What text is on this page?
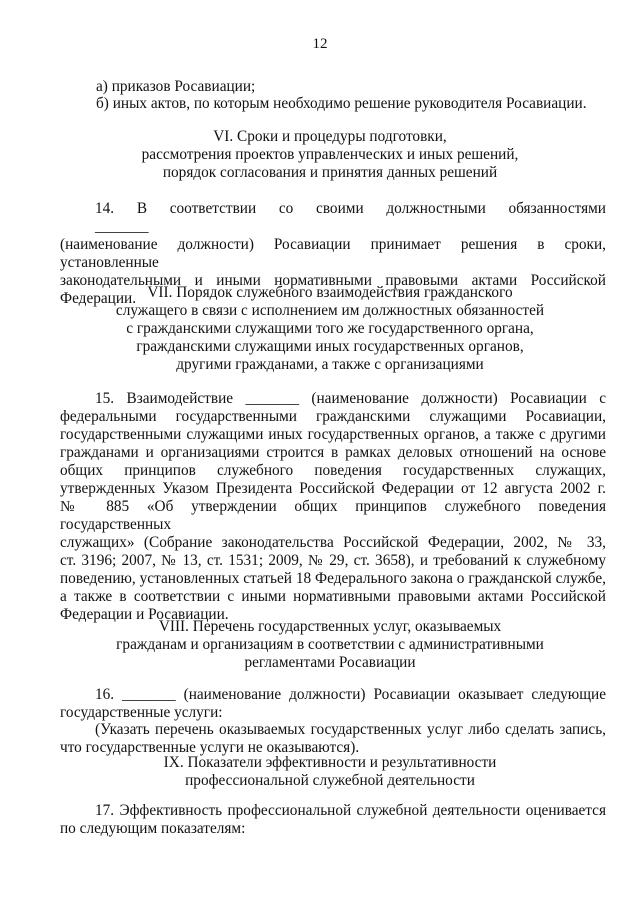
12
а) приказов Росавиации;
б) иных актов, по которым необходимо решение руководителя Росавиации.
VI. Сроки и процедуры подготовки,
рассмотрения проектов управленческих и иных решений,
порядок согласования и принятия данных решений
14. В соответствии со своими должностными обязанностями _______
(наименование должности) Росавиации принимает решения в сроки, установленные
законодательными и иными нормативными правовыми актами Российской
Федерации. VII. Порядок служебного взаимодействия гражданского
служащего в связи с исполнением им должностных обязанностей
с гражданскими служащими того же государственного органа,
гражданскими служащими иных государственных органов,
другими гражданами, а также с организациями
15. Взаимодействие _______ (наименование должности) Росавиации с
федеральными государственными гражданскими служащими Росавиации,
государственными служащими иных государственных органов, а также с другими
гражданами и организациями строится в рамках деловых отношений на основе
общих принципов служебного поведения государственных служащих,
утвержденных Указом Президента Российской Федерации от 12 августа 2002 г.
№ 885 «Об утверждении общих принципов служебного поведения государственных
служащих» (Собрание законодательства Российской Федерации, 2002, № 33,
ст. 3196; 2007, № 13, ст. 1531; 2009, № 29, ст. 3658), и требований к служебному
поведению, установленных статьей 18 Федерального закона о гражданской службе,
а также в соответствии с иными нормативными правовыми актами Российской
Федерации и Росавиации.
VIII. Перечень государственных услуг, оказываемых
гражданам и организациям в соответствии с административными
регламентами Росавиации
16. _______ (наименование должности) Росавиации оказывает следующие
государственные услуги:
(Указать перечень оказываемых государственных услуг либо сделать запись,
что государственные услуги не оказываются).
IX. Показатели эффективности и результативности
профессиональной служебной деятельности
17. Эффективность профессиональной служебной деятельности оценивается
по следующим показателям:
